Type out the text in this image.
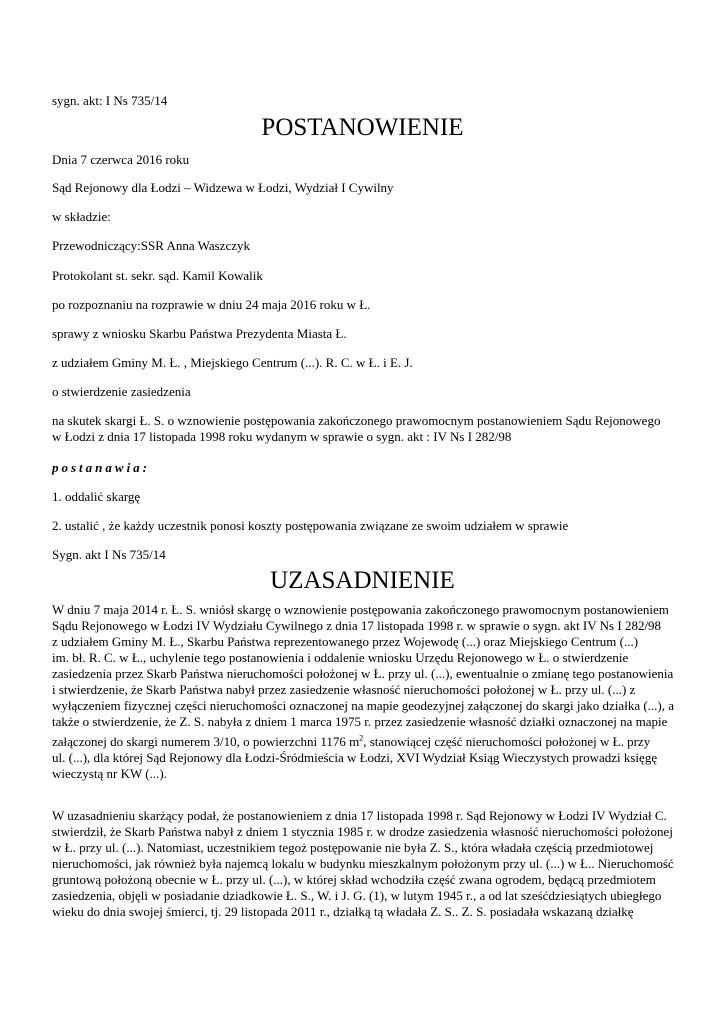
sygn. akt: I Ns 735/14

POSTANOWIENIE

Dnia 7 czerwca 2016 roku

Sąd Rejonowy dla Łodzi – Widzewa w Łodzi, Wydział I Cywilny

w składzie:

Przewodniczący:SSR Anna Waszczyk

Protokolant st. sekr. sąd. Kamil Kowalik

po rozpoznaniu na rozprawie w dniu 24 maja 2016 roku w Ł.

sprawy z wniosku Skarbu Państwa Prezydenta Miasta Ł.

z udziałem Gminy M. Ł. , Miejskiego Centrum (...). R. C. w Ł. i E. J.

o stwierdzenie zasiedzenia

na skutek skargi Ł. S. o wznowienie postępowania zakończonego prawomocnym postanowieniem Sądu Rejonowego

w Łodzi z dnia 17 listopada 1998 roku wydanym w sprawie o sygn. akt : IV Ns I 282/98

postanawia:

1. oddalić skargę

2. ustalić , że każdy uczestnik ponosi koszty postępowania związane ze swoim udziałem w sprawie

Sygn. akt I Ns 735/14

UZASADNIENIE

W dniu 7 maja 2014 r. Ł. S. wniósł skargę o wznowienie postępowania zakończonego prawomocnym postanowieniem

Sądu Rejonowego w Łodzi IV Wydziału Cywilnego z dnia 17 listopada 1998 r. w sprawie o sygn. akt IV Ns I 282/98

z udziałem Gminy M. Ł., Skarbu Państwa reprezentowanego przez Wojewodę (...) oraz Miejskiego Centrum (...)

im. bł. R. C. w Ł., uchylenie tego postanowienia i oddalenie wniosku Urzędu Rejonowego w Ł. o stwierdzenie

zasiedzenia przez Skarb Państwa nieruchomości położonej w Ł. przy ul. (...), ewentualnie o zmianę tego postanowienia

i stwierdzenie, że Skarb Państwa nabył przez zasiedzenie własność nieruchomości położonej w Ł. przy ul. (...) z

wyłączeniem fizycznej części nieruchomości oznaczonej na mapie geodezyjnej załączonej do skargi jako działka (...), a

także o stwierdzenie, że Z. S. nabyła z dniem 1 marca 1975 r. przez zasiedzenie własność działki oznaczonej na mapie

załączonej do skargi numerem 3/10, o powierzchni 1176 $m^2$, stanowiącej część nieruchomości położonej w Ł. przy

ul. (...), dla której Sąd Rejonowy dla Łodzi-Śródmieścia w Łodzi, XVI Wydział Ksiąg Wieczystych prowadzi księgę

wieczystą nr KW (...).

W uzasadnieniu skarżący podał, że postanowieniem z dnia 17 listopada 1998 r. Sąd Rejonowy w Łodzi IV Wydział C.

stwierdził, że Skarb Państwa nabył z dniem 1 stycznia 1985 r. w drodze zasiedzenia własność nieruchomości położonej

w Ł. przy ul. (...). Natomiast, uczestnikiem tegoż postępowanie nie była Z. S., która władała częścią przedmiotowej

nieruchomości, jak również była najemcą lokalu w budynku mieszkalnym położonym przy ul. (...) w Ł.. Nieruchomość

gruntową położoną obecnie w Ł. przy ul. (...), w której skład wchodziła część zwana ogrodem, będącą przedmiotem

zasiedzenia, objęli w posiadanie dziadkowie Ł. S., W. i J. G. (1), w lutym 1945 r., a od lat sześćdziesiątych ubiegłego

wieku do dnia swojej śmierci, tj. 29 listopada 2011 r., działką tą władała Z. S.. Z. S. posiadała wskazaną działkę
